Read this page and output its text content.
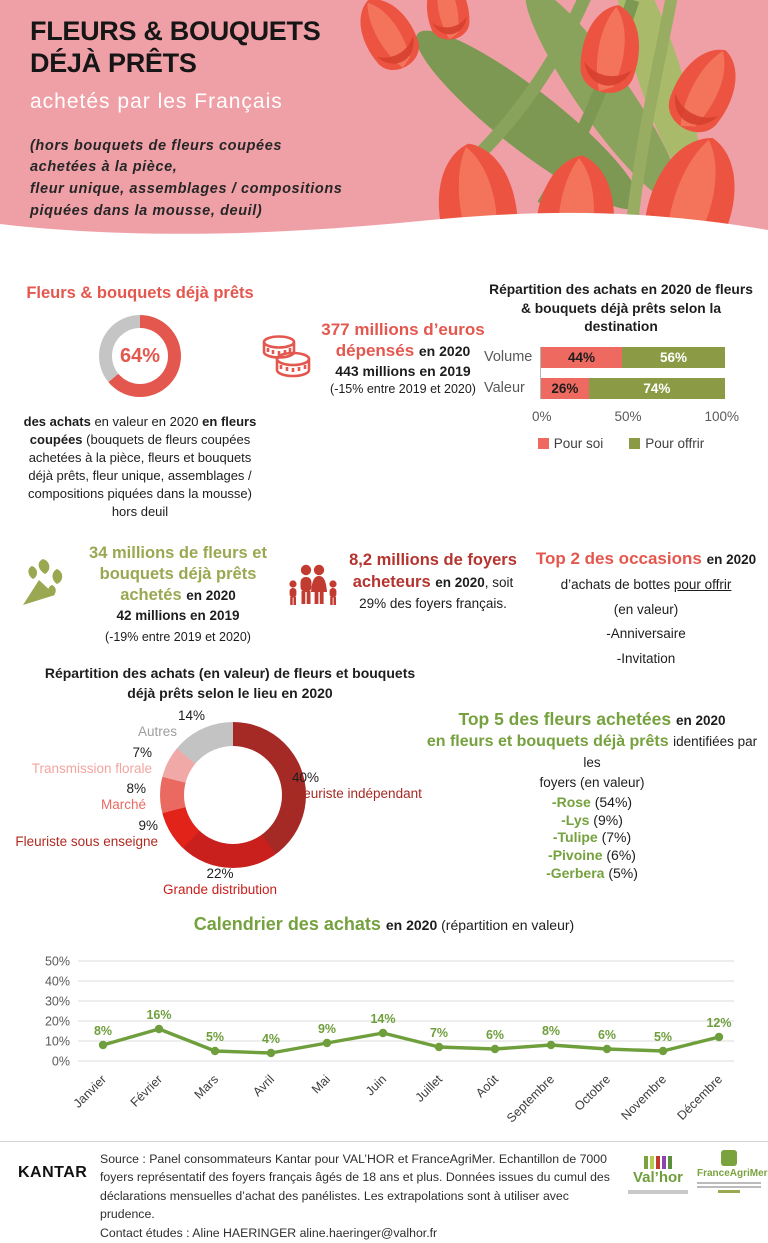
FLEURS & BOUQUETS
DÉJÀ PRÊTS
achetés par les Français

(hors bouquets de fleurs coupées
achetées à la pièce,
fleur unique, assemblages / compositions
piquées dans la mousse, deuil)

Fleurs & bouquets déjà prêts
64%

des achats en valeur en 2020 en fleurs coupées (bouquets de fleurs coupées achetées à la pièce, fleurs et bouquets déjà prêts, fleur unique, assemblages / compositions piquées dans la mousse) hors deuil

377 millions d’euros
dépensés en 2020
443 millions en 2019
(-15% entre 2019 et 2020)

Répartition des achats en 2020 de fleurs & bouquets déjà prêts selon la destination

Volume	44%	56%
Valeur	26%	74%
0%	50%	100%
Pour soi	Pour offrir
34 millions de fleurs et bouquets déjà prêts achetés en 2020
42 millions en 2019
(-19% entre 2019 et 2020)
8,2 millions de foyers acheteurs en 2020, soit 29% des foyers français.
Top 2 des occasions en 2020
d’achats de bottes pour offrir
(en valeur)
-Anniversaire
-Invitation

Répartition des achats (en valeur) de fleurs et bouquets déjà prêts selon le lieu en 2020

40%
Fleuriste indépendant
22%
Grande distribution
9%
Fleuriste sous enseigne
8%
Marché
7%
Transmission florale
14%
Autres
Top 5 des fleurs achetées en 2020
en fleurs et bouquets déjà prêts identifiées par les
foyers (en valeur)
-Rose (54%)
-Lys (9%)
-Tulipe (7%)
-Pivoine (6%)
-Gerbera (5%)
Calendrier des achats en 2020 (répartition en valeur)
50%
40%
30%
20%
10%
0%
8%
Janvier
16%
Février
5%
Mars
4%
Avril
9%
Mai
14%
Juin
7%
Juillet
6%
Août
8%
Septembre
6%
Octobre
5%
Novembre
12%
Décembre
KANTAR
Source : Panel consommateurs Kantar pour VAL’HOR et FranceAgriMer. Echantillon de 7000 foyers représentatif des foyers français âgés de 18 ans et plus. Données issues du cumul des déclarations mensuelles d’achat des panélistes. Les extrapolations sont à utiliser avec prudence.
Contact études : Aline HAERINGER aline.haeringer@valhor.fr
Val’hor	FranceAgriMer
